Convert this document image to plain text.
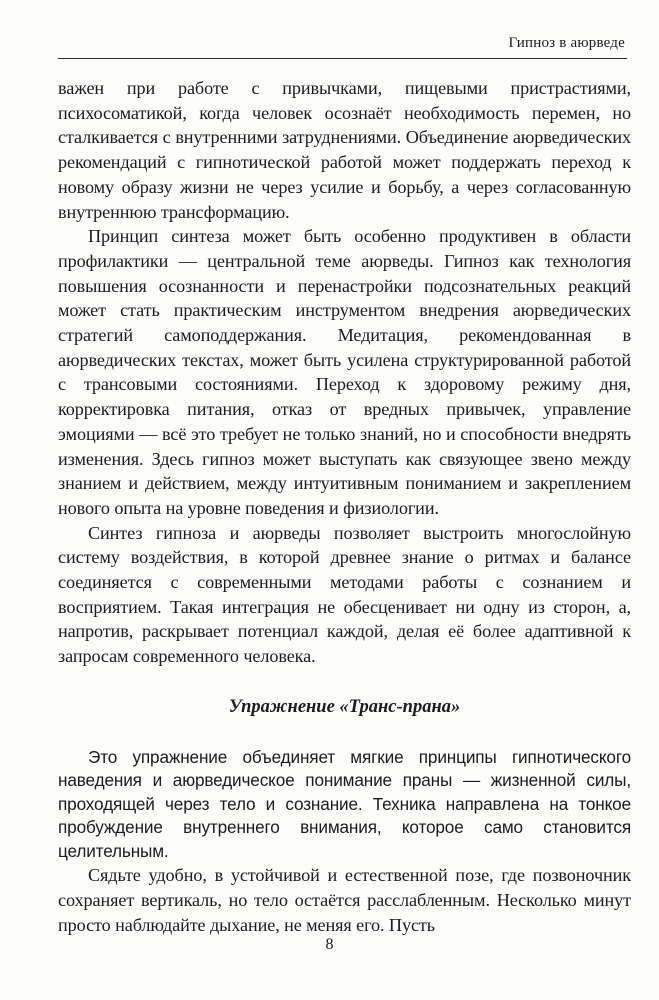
Гипноз в аюрведе

важен при работе с привычками, пищевыми пристрастиями, психосоматикой, когда человек осознаёт необходимость перемен, но сталкивается с внутренними затруднениями. Объединение аюрведических рекомендаций с гипнотической работой может поддержать переход к новому образу жизни не через усилие и борьбу, а через согласованную внутреннюю трансформацию.

Принцип синтеза может быть особенно продуктивен в области профилактики — центральной теме аюрведы. Гипноз как технология повышения осознанности и перенастройки подсознательных реакций может стать практическим инструментом внедрения аюрведических стратегий самоподдержания. Медитация, рекомендованная в аюрведических текстах, может быть усилена структурированной работой с трансовыми состояниями. Переход к здоровому режиму дня, корректировка питания, отказ от вредных привычек, управление эмоциями — всё это требует не только знаний, но и способности внедрять изменения. Здесь гипноз может выступать как связующее звено между знанием и действием, между интуитивным пониманием и закреплением нового опыта на уровне поведения и физиологии.

Синтез гипноза и аюрведы позволяет выстроить многослойную систему воздействия, в которой древнее знание о ритмах и балансе соединяется с современными методами работы с сознанием и восприятием. Такая интеграция не обесценивает ни одну из сторон, а, напротив, раскрывает потенциал каждой, делая её более адаптивной к запросам современного человека.

Упражнение «Транс-прана»

Это упражнение объединяет мягкие принципы гипнотического наведения и аюрведическое понимание праны — жизненной силы, проходящей через тело и сознание. Техника направлена на тонкое пробуждение внутреннего внимания, которое само становится целительным.

Сядьте удобно, в устойчивой и естественной позе, где позвоночник сохраняет вертикаль, но тело остаётся расслабленным. Несколько минут просто наблюдайте дыхание, не меняя его. Пусть

8
